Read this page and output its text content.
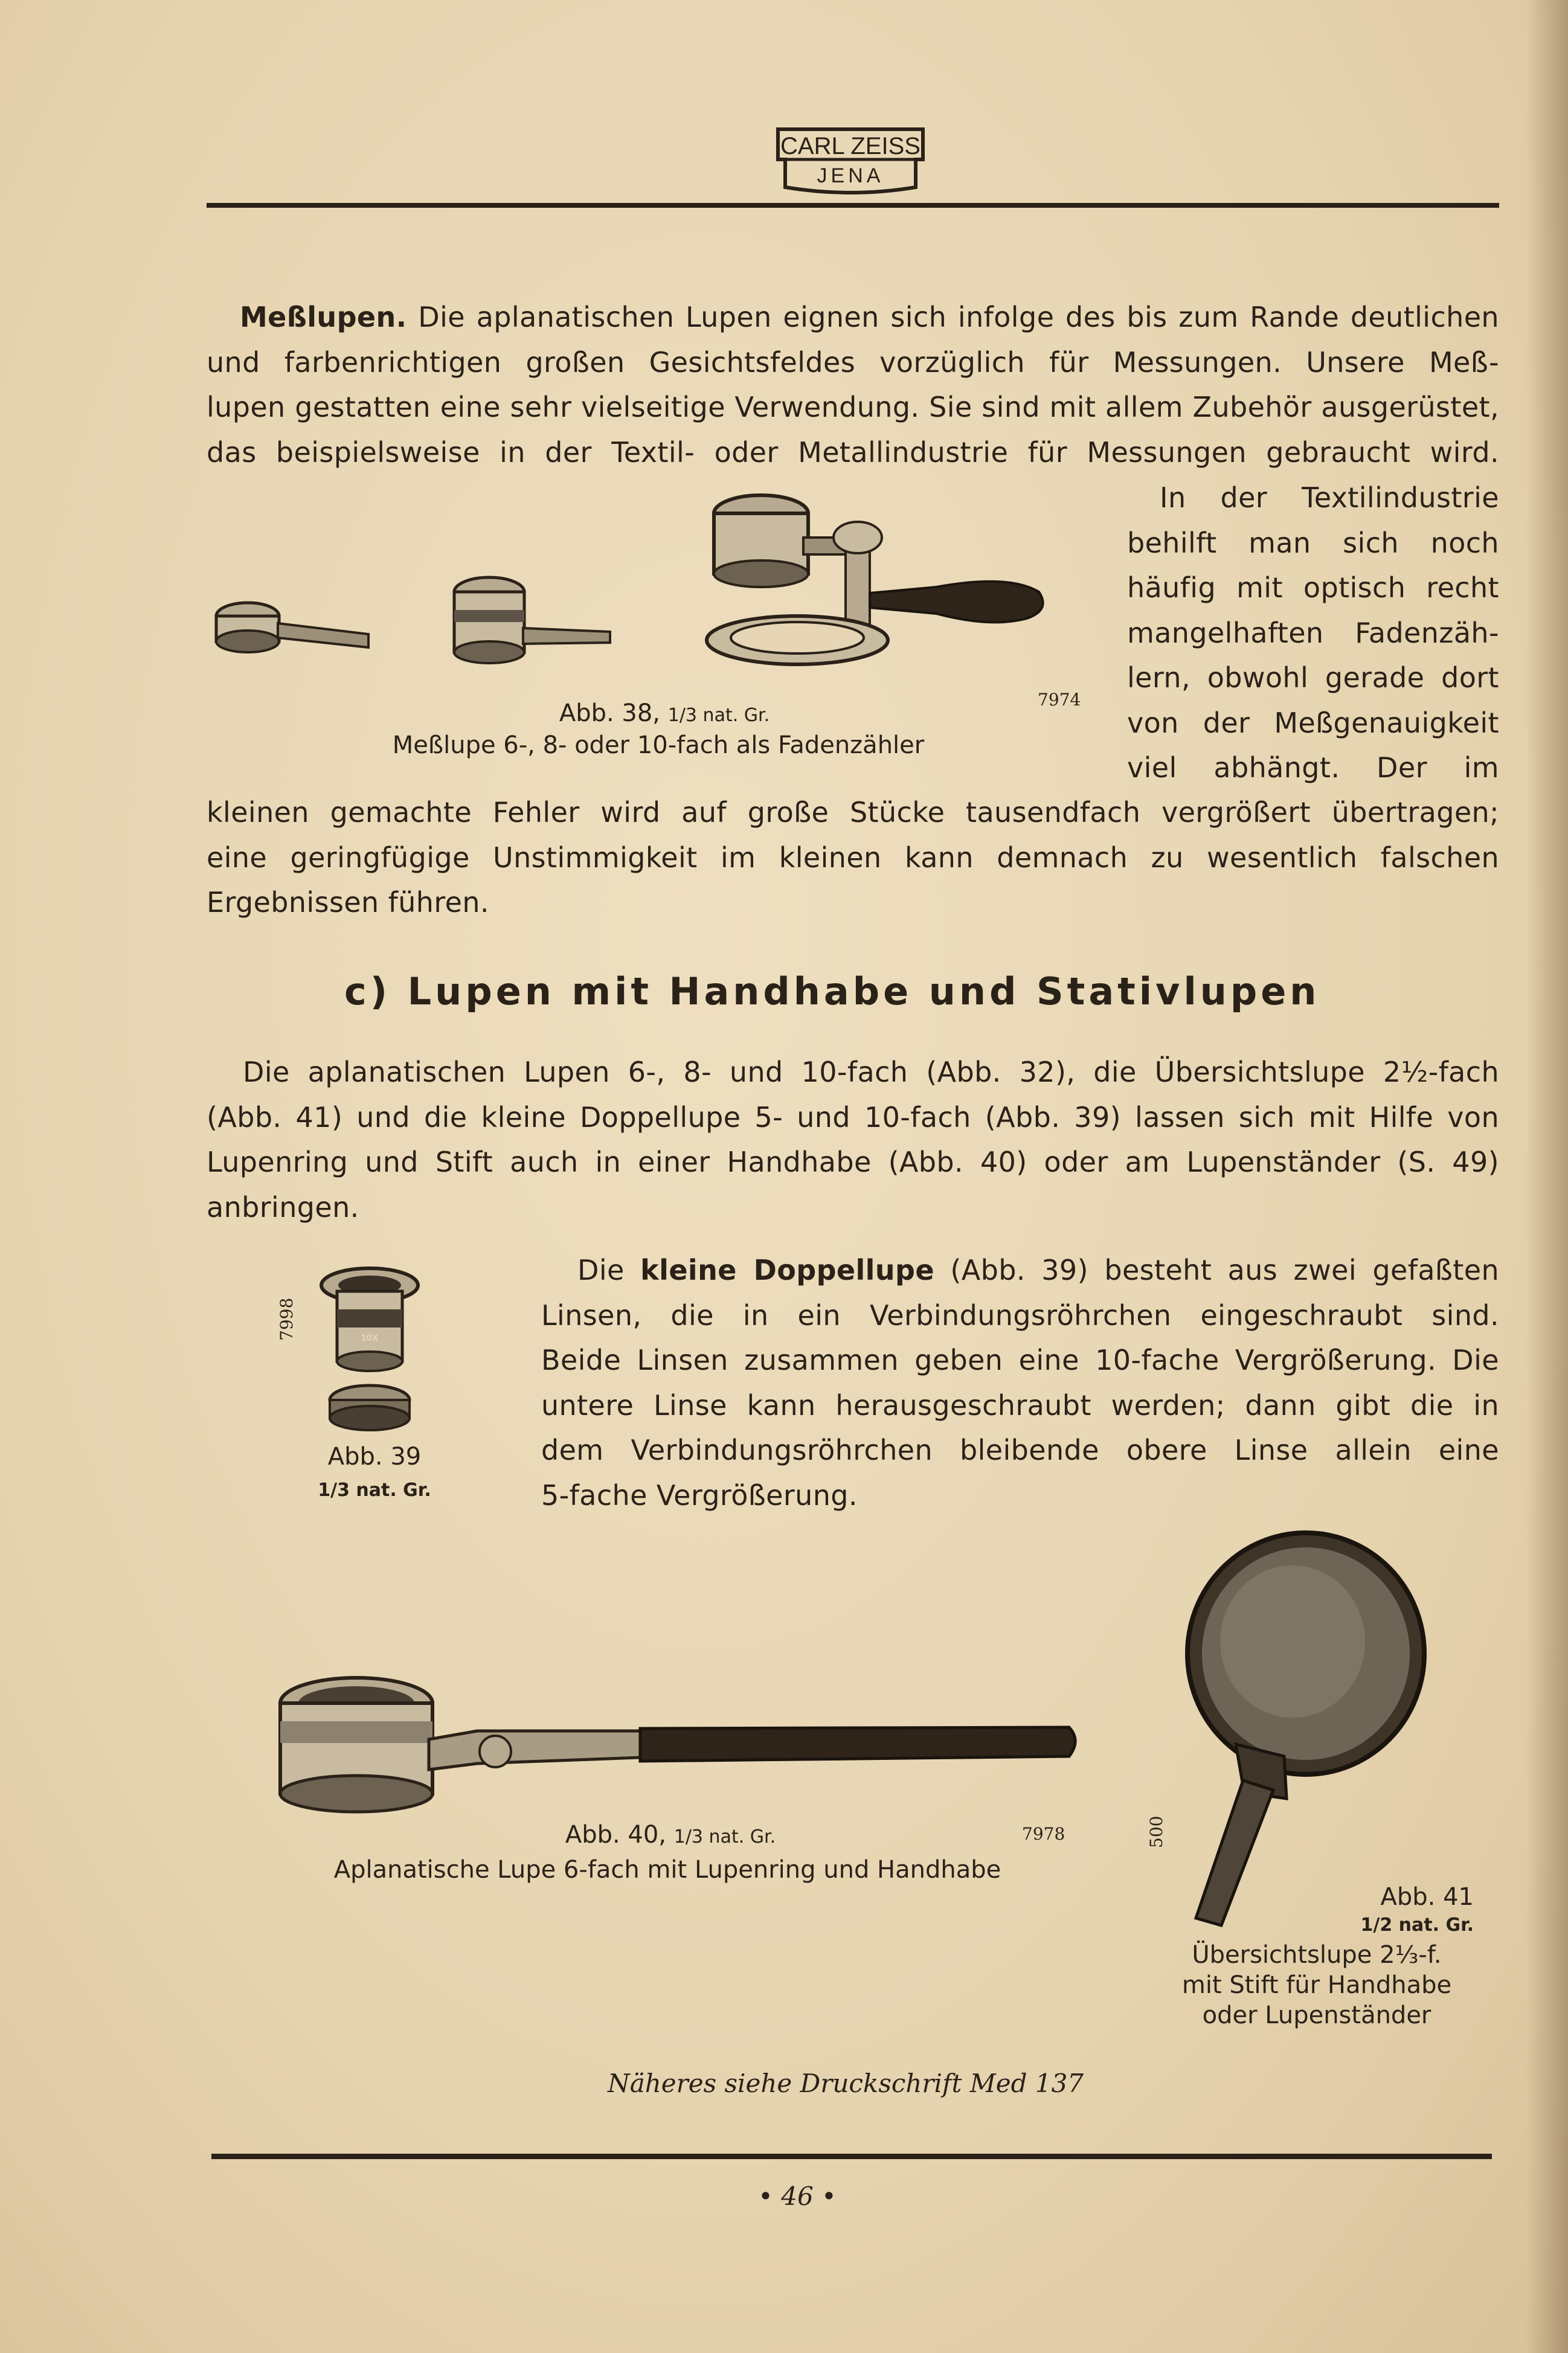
CARL ZEISS
JENA
Meßlupen. Die aplanatischen Lupen eignen sich infolge des bis zum Rande deutlichen
und farbenrichtigen großen Gesichtsfeldes vorzüglich für Messungen. Unsere Meß-
lupen gestatten eine sehr vielseitige Verwendung. Sie sind mit allem Zubehör ausgerüstet,
das beispielsweise in der Textil- oder Metallindustrie für Messungen gebraucht wird.
In der Textilindustrie
behilft man sich noch
häufig mit optisch recht
mangelhaften Fadenzäh-
lern, obwohl gerade dort
von der Meßgenauigkeit
viel abhängt. Der im
kleinen gemachte Fehler wird auf große Stücke tausendfach vergrößert übertragen;
eine geringfügige Unstimmigkeit im kleinen kann demnach zu wesentlich falschen
Ergebnissen führen.
Abb. 38, 1/3 nat. Gr.
7974
Meßlupe 6-, 8- oder 10-fach als Fadenzähler
c) Lupen mit Handhabe und Stativlupen
Die aplanatischen Lupen 6-, 8- und 10-fach (Abb. 32), die Übersichtslupe 2½-fach
(Abb. 41) und die kleine Doppellupe 5- und 10-fach (Abb. 39) lassen sich mit Hilfe von
Lupenring und Stift auch in einer Handhabe (Abb. 40) oder am Lupenständer (S. 49)
anbringen.
Die kleine Doppellupe (Abb. 39) besteht aus zwei gefaßten
Linsen, die in ein Verbindungsröhrchen eingeschraubt sind.
Beide Linsen zusammen geben eine 10-fache Vergrößerung. Die
untere Linse kann herausgeschraubt werden; dann gibt die in
dem Verbindungsröhrchen bleibende obere Linse allein eine
5-fache Vergrößerung.
10X
7998
Abb. 39
1/3 nat. Gr.
Abb. 40, 1/3 nat. Gr.	7978
Aplanatische Lupe 6-fach mit Lupenring und Handhabe
500
Abb. 41
1/2 nat. Gr.
Übersichtslupe 2⅓-f.
mit Stift für Handhabe
oder Lupenständer
Näheres siehe Druckschrift Med 137
• 46 •
